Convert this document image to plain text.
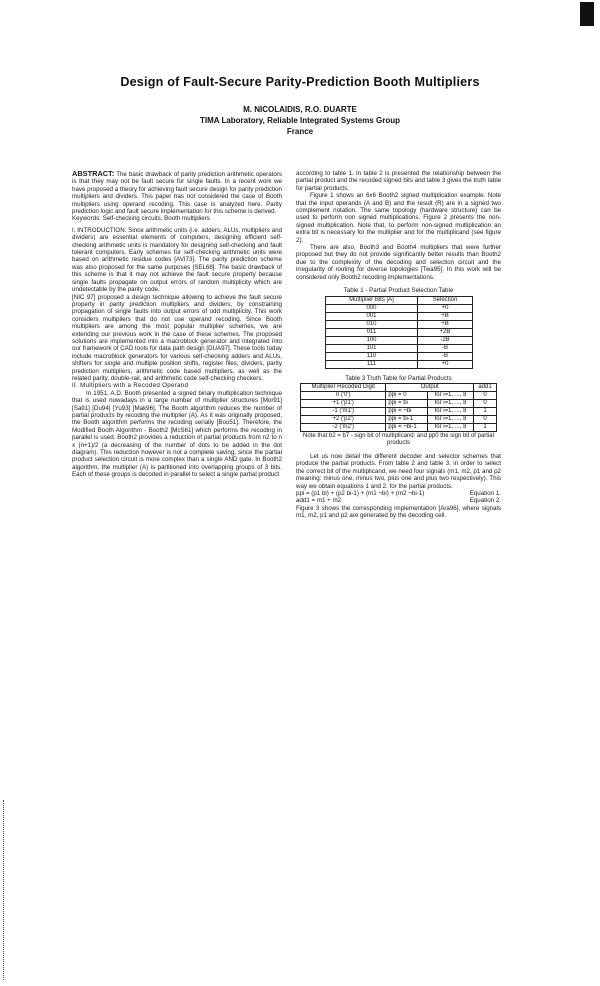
Design of Fault-Secure Parity-Prediction Booth Multipliers
M. NICOLAIDIS, R.O. DUARTE
TIMA Laboratory, Reliable Integrated Systems Group
France

ABSTRACT: The basic drawback of parity prediction arithmetic operators is that they may not be fault secure for single faults. In a recent work we have proposed a theory for achieving fault secure design for parity prediction multipliers and dividers. This paper has not considered the case of Booth multipliers using operand recoding. This case is analyzed here. Parity prediction logic and fault secure implementation for this scheme is derived.

Keywords: Self-checking circuits, Booth multipliers

I. INTRODUCTION: Since arithmetic units (i.e. adders, ALUs, multipliers and dividers) are essential elements of computers, designing efficient self-checking arithmetic units is mandatory for designing self-checking and fault tolerant computers. Early schemes for self-checking arithmetic units were based on arithmetic residue codes [AVI73]. The parity prediction scheme was also proposed for the same purposes [SEL68]. The basic drawback of this scheme is that it may not achieve the fault secure property because single faults propagate on output errors of random multiplicity which are undetectable by the parity code.

[NIC 97] proposed a design technique allowing to achieve the fault secure property in parity prediction multipliers and dividers, by constraining propagation of single faults into output errors of odd multiplicity. This work considers multipliers that do not use operand recoding. Since Booth multipliers are among the most popular multiplier schemes, we are extending our previous work in the case of these schemes. The proposed solutions are implemented into a macroblock generator and integrated into our framework of CAD tools for data path design [DUA97]. These tools today include macroblock generators for various self-checking adders and ALUs, shifters for single and multiple position shifts, register files, dividers, parity prediction multipliers, arithmetic code based multipliers, as well as the related parity, double-rail, and arithmetic code self-checking checkers.

II. Multipliers with a Recoded Operand

In 1951, A.D. Booth presented a signed binary multiplication technique that is used nowadays in a large number of multiplier structures [Mor91] [Sa91] [Du94] [Yu93] [Mak96]. The Booth algorithm reduces the number of partial products by recoding the multiplier (A). As it was originally proposed, the Booth algorithm performs the recoding serially [Boo51]. Therefore, the Modified Booth Algorithm - Booth2 [McS61] which performs the recoding in parallel is used. Booth2 provides a reduction of partial products from n2 to n x (n+1)/2 (a decreasing of the number of dots to be added in the dot diagram). This reduction however is not a complete saving, since the partial product selection circuit is more complex than a single AND gate. In Booth2 algorithm, the multiplier (A) is partitioned into overlapping groups of 3 bits. Each of these groups is decoded in parallel to select a single partial product

according to table 1. In table 2 is presented the relationship between the partial product and the recoded signed bits and table 3 gives the truth table for partial products.

Figure 1 shows an 6x6 Booth2 signed multiplication example. Note that the input operands (A and B) and the result (R) are in a signed two complement notation. The same topology (hardware structure) can be used to perform non signed multiplications. Figure 2 presents the non-signed multiplication. Note that, to perform non-signed multiplication an extra bit is necessary for the multiplier and for the multiplicand (see figure 2).

There are also, Booth3 and Booth4 multipliers that were further proposed but they do not provide significantly better results than Booth2 due to the complexity of the decoding and selection circuit and the irregularity of routing for diverse topologies [Twa95]. In this work will be considered only Booth2 recoding implementations.

Table 1 - Partial Product Selection Table
Multiplier Bits [A]	Selection
000	+0
001	+B
010	+B
011	+2B
100	-2B
101	-B
110	-B
111	+0
Table 3 Truth Table for Partial Products
Multiplier Recoded Digit	Output		add1
0 ('0')	ppi = 0	for i=1, ..., 8	0
+1 ('p1')	ppi = bi	for i=1, ..., 8	0
-1 ('m1')	ppi = ¬bi	for i=1, ..., 8	1
+2 ('p2')	ppi = bi-1	for i=1, ..., 8	0
-2 ('m2')	ppi = ¬bi-1	for i=1, ..., 8	1
Note that b2 = b7 - sign bit of multiplicand; and pp0 the sign bit of partial products

Let us now detail the different decoder and selector schemes that produce the partial products. From table 2 and table 3, in order to select the correct bit of the multiplicand, we need four signals (m1, m2, p1 and p2 meaning: minus one, minus two, plus one and plus two respectively). This way we obtain equations 1 and 2. for the partial products.

ppi = (p1 bi) + (p2 bi-1) + (m1 ¬bi) + (m2 ¬bi-1)	Equation 1.
add1 = m1 + m2	Equation 2.

Figure 3 shows the corresponding implementation [Ara96], where signals m1, m2, p1 and p2 are generated by the decoding cell.
